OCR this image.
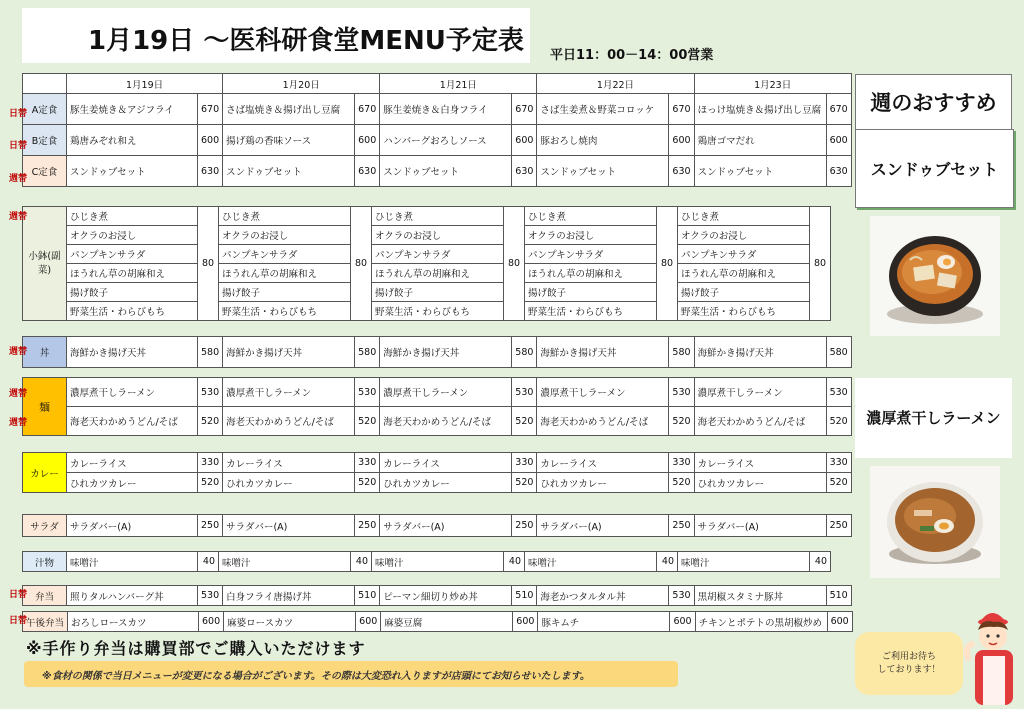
1月19日 ～医科研食堂MENU予定表 平日11：00－14：00営業
	1月19日		1月20日		1月21日		1月22日		1月23日	
A定食	豚生姜焼き＆アジフライ	670	さば塩焼き＆揚げ出し豆腐	670	豚生姜焼き＆白身フライ	670	さば生姜煮＆野菜コロッケ	670	ほっけ塩焼き＆揚げ出し豆腐	670
B定食	鶏唐みぞれ和え	600	揚げ鶏の香味ソース	600	ハンバーグおろしソース	600	豚おろし焼肉	600	鶏唐ゴマだれ	600
C定食	スンドゥブセット	630	スンドゥブセット	630	スンドゥブセット	630	スンドゥブセット	630	スンドゥブセット	630
日替
日替
週替
小鉢(副菜)	ひじき煮	80	ひじき煮	80	ひじき煮	80	ひじき煮	80	ひじき煮	80
	オクラのお浸し		オクラのお浸し		オクラのお浸し		オクラのお浸し		オクラのお浸し	
	パンプキンサラダ		パンプキンサラダ		パンプキンサラダ		パンプキンサラダ		パンプキンサラダ	
	ほうれん草の胡麻和え		ほうれん草の胡麻和え		ほうれん草の胡麻和え		ほうれん草の胡麻和え		ほうれん草の胡麻和え	
	揚げ餃子		揚げ餃子		揚げ餃子		揚げ餃子		揚げ餃子	
	野菜生活・わらびもち		野菜生活・わらびもち		野菜生活・わらびもち		野菜生活・わらびもち		野菜生活・わらびもち	
週替
丼	海鮮かき揚げ天丼	580	海鮮かき揚げ天丼	580	海鮮かき揚げ天丼	580	海鮮かき揚げ天丼	580	海鮮かき揚げ天丼	580
週替
麺	濃厚煮干しラーメン	530	濃厚煮干しラーメン	530	濃厚煮干しラーメン	530	濃厚煮干しラーメン	530	濃厚煮干しラーメン	530
	海老天わかめうどん/そば	520	海老天わかめうどん/そば	520	海老天わかめうどん/そば	520	海老天わかめうどん/そば	520	海老天わかめうどん/そば	520
週替
週替
カレー	カレーライス	330	カレーライス	330	カレーライス	330	カレーライス	330	カレーライス	330
	ひれカツカレー	520	ひれカツカレー	520	ひれカツカレー	520	ひれカツカレー	520	ひれカツカレー	520
サラダ	サラダバー(A)	250	サラダバー(A)	250	サラダバー(A)	250	サラダバー(A)	250	サラダバー(A)	250
汁物	味噌汁	40	味噌汁	40	味噌汁	40	味噌汁	40	味噌汁	40
弁当	照りタルハンバーグ丼	530	白身フライ唐揚げ丼	510	ピーマン細切り炒め丼	510	海老かつタルタル丼	530	黒胡椒スタミナ豚丼	510
日替
午後弁当	おろしロースカツ	600	麻婆ロースカツ	600	麻婆豆腐	600	豚キムチ	600	チキンとポテトの黒胡椒炒め	600
日替
週のおすすめ
スンドゥブセット
濃厚煮干しラーメン
※手作り弁当は購買部でご購入いただけます
※食材の関係で当日メニューが変更になる場合がございます。その際は大変恐れ入りますが店頭にてお知らせいたします。
ご利用お待ち
しております！
